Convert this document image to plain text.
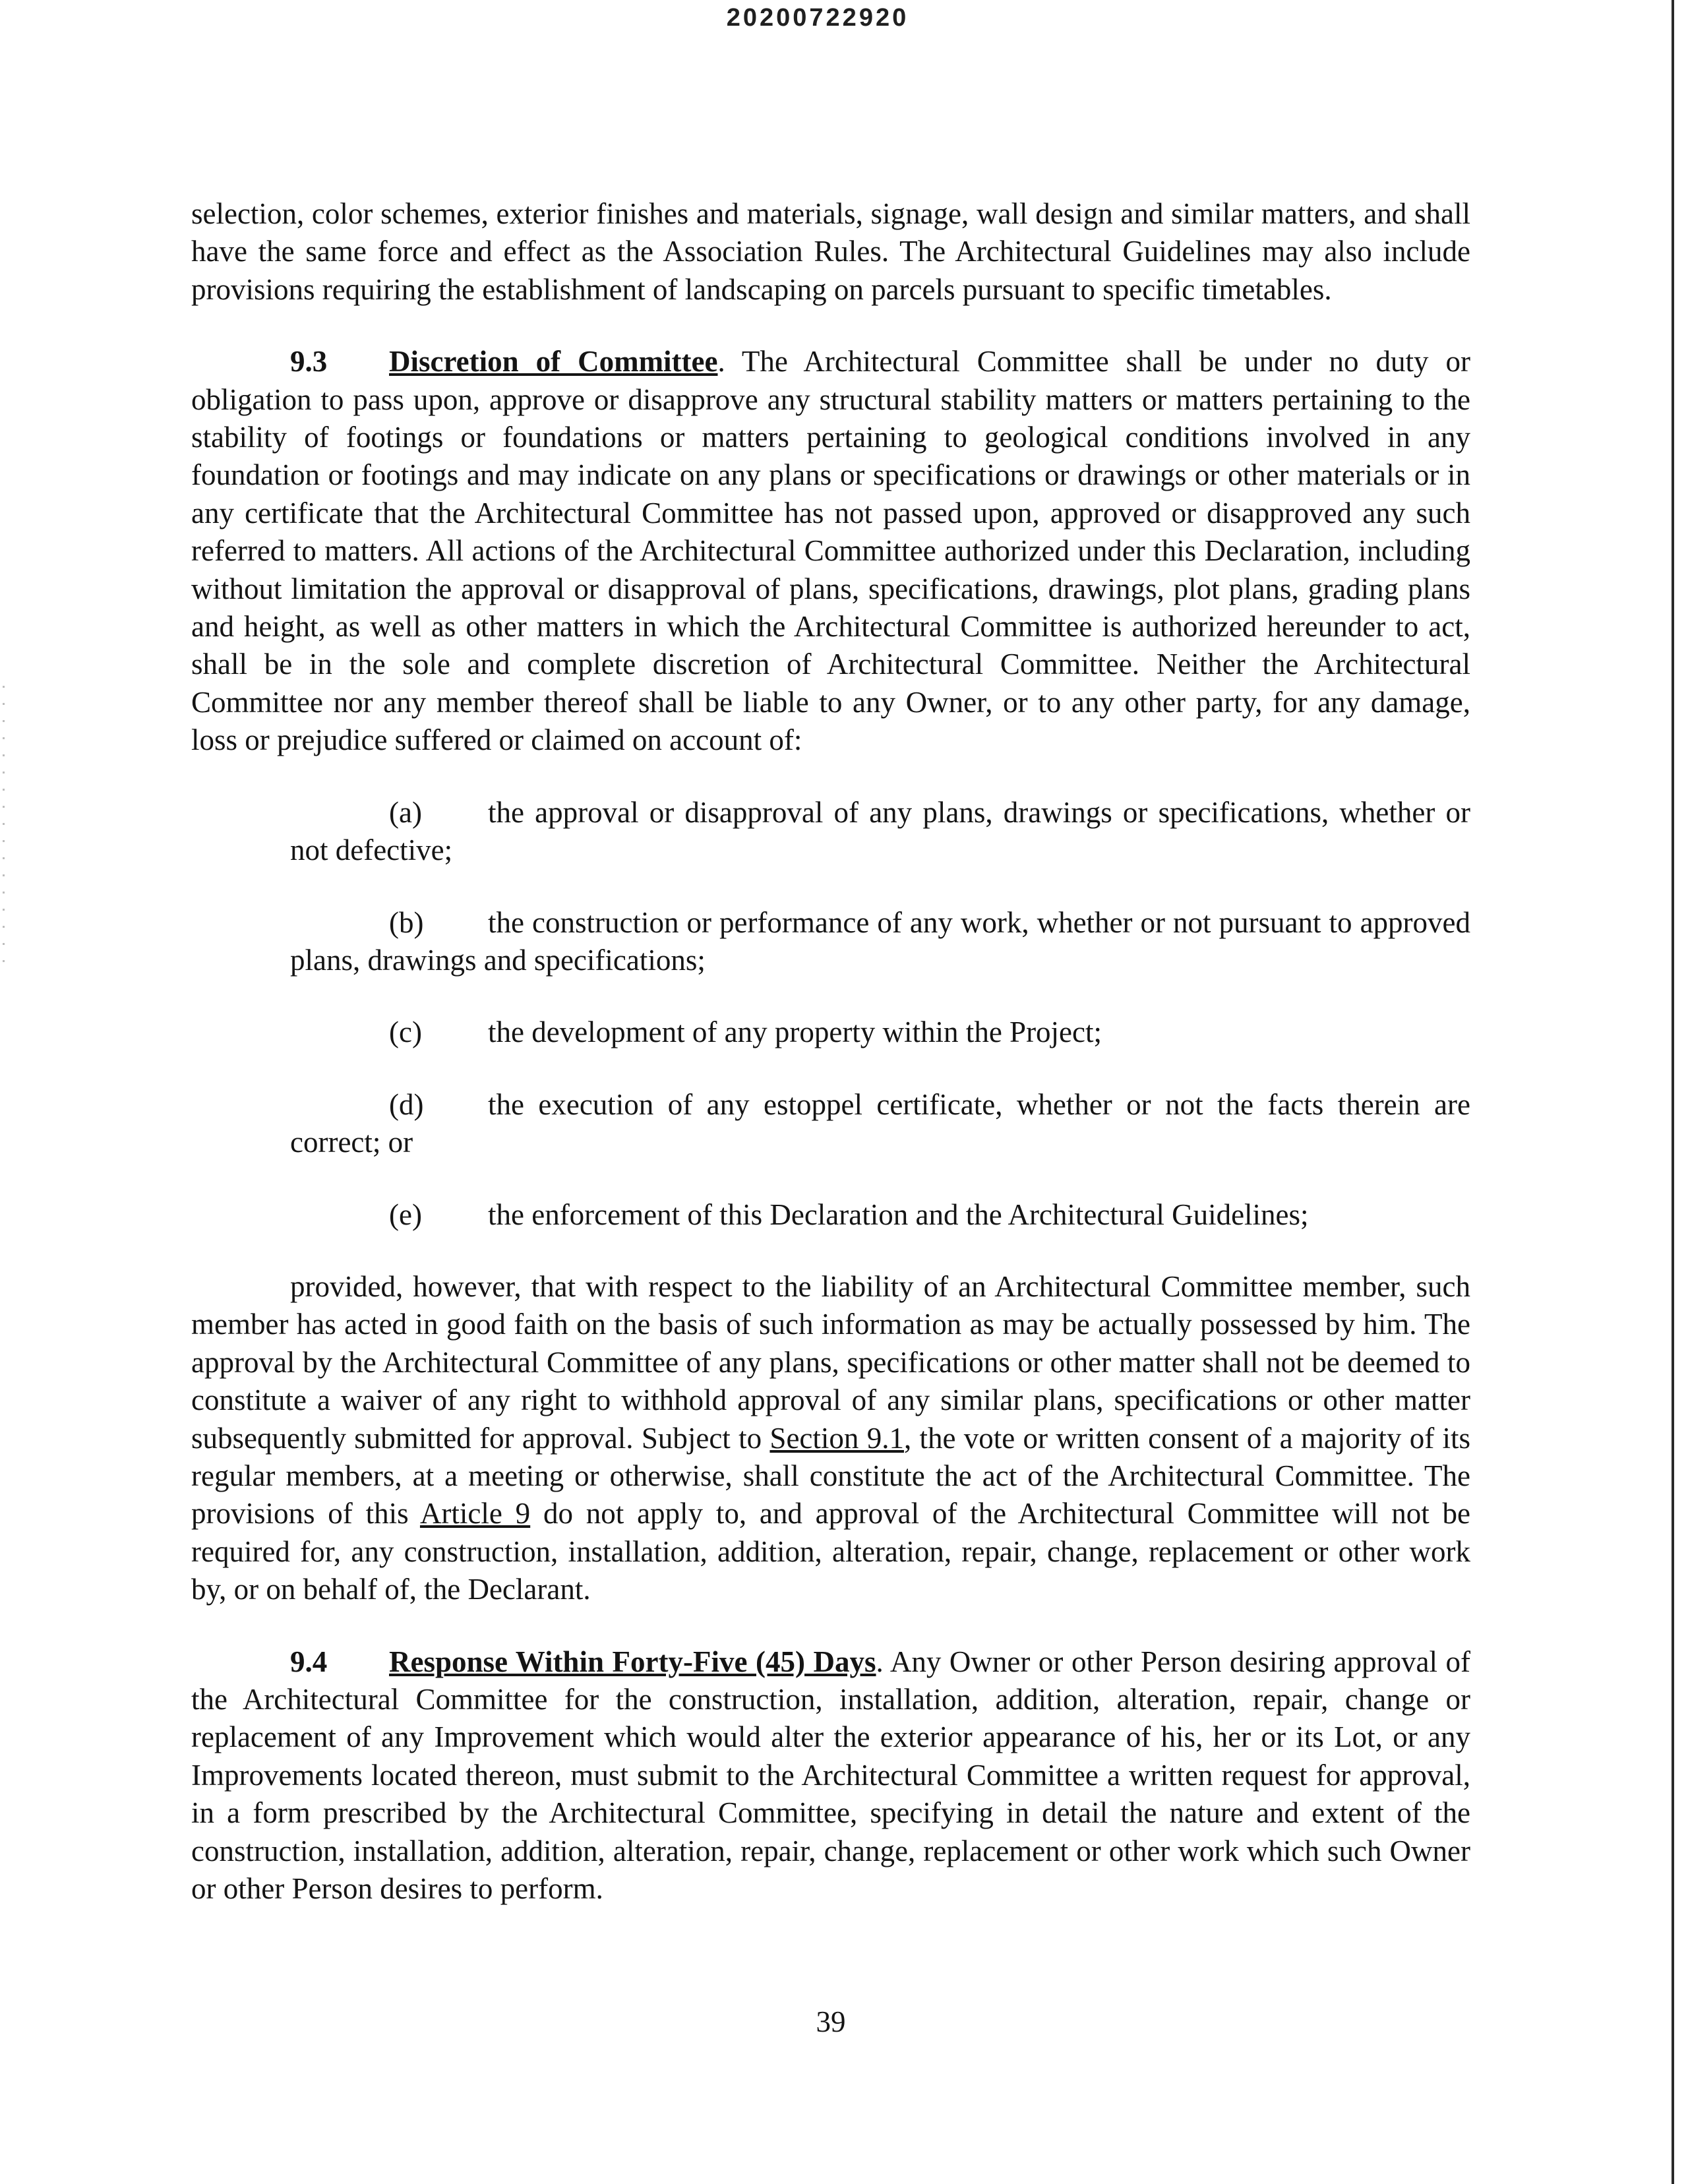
20200722920

selection, color schemes, exterior finishes and materials, signage, wall design and similar matters, and shall have the same force and effect as the Association Rules. The Architectural Guidelines may also include provisions requiring the establishment of landscaping on parcels pursuant to specific timetables.

9.3 Discretion of Committee. The Architectural Committee shall be under no duty or obligation to pass upon, approve or disapprove any structural stability matters or matters pertaining to the stability of footings or foundations or matters pertaining to geological conditions involved in any foundation or footings and may indicate on any plans or specifications or drawings or other materials or in any certificate that the Architectural Committee has not passed upon, approved or disapproved any such referred to matters. All actions of the Architectural Committee authorized under this Declaration, including without limitation the approval or disapproval of plans, specifications, drawings, plot plans, grading plans and height, as well as other matters in which the Architectural Committee is authorized hereunder to act, shall be in the sole and complete discretion of Architectural Committee. Neither the Architectural Committee nor any member thereof shall be liable to any Owner, or to any other party, for any damage, loss or prejudice suffered or claimed on account of:

(a) the approval or disapproval of any plans, drawings or specifications, whether or not defective;

(b) the construction or performance of any work, whether or not pursuant to approved plans, drawings and specifications;

(c) the development of any property within the Project;

(d) the execution of any estoppel certificate, whether or not the facts therein are correct; or

(e) the enforcement of this Declaration and the Architectural Guidelines;

provided, however, that with respect to the liability of an Architectural Committee member, such member has acted in good faith on the basis of such information as may be actually possessed by him. The approval by the Architectural Committee of any plans, specifications or other matter shall not be deemed to constitute a waiver of any right to withhold approval of any similar plans, specifications or other matter subsequently submitted for approval. Subject to Section 9.1, the vote or written consent of a majority of its regular members, at a meeting or otherwise, shall constitute the act of the Architectural Committee. The provisions of this Article 9 do not apply to, and approval of the Architectural Committee will not be required for, any construction, installation, addition, alteration, repair, change, replacement or other work by, or on behalf of, the Declarant.

9.4 Response Within Forty-Five (45) Days. Any Owner or other Person desiring approval of the Architectural Committee for the construction, installation, addition, alteration, repair, change or replacement of any Improvement which would alter the exterior appearance of his, her or its Lot, or any Improvements located thereon, must submit to the Architectural Committee a written request for approval, in a form prescribed by the Architectural Committee, specifying in detail the nature and extent of the construction, installation, addition, alteration, repair, change, replacement or other work which such Owner or other Person desires to perform.

39
